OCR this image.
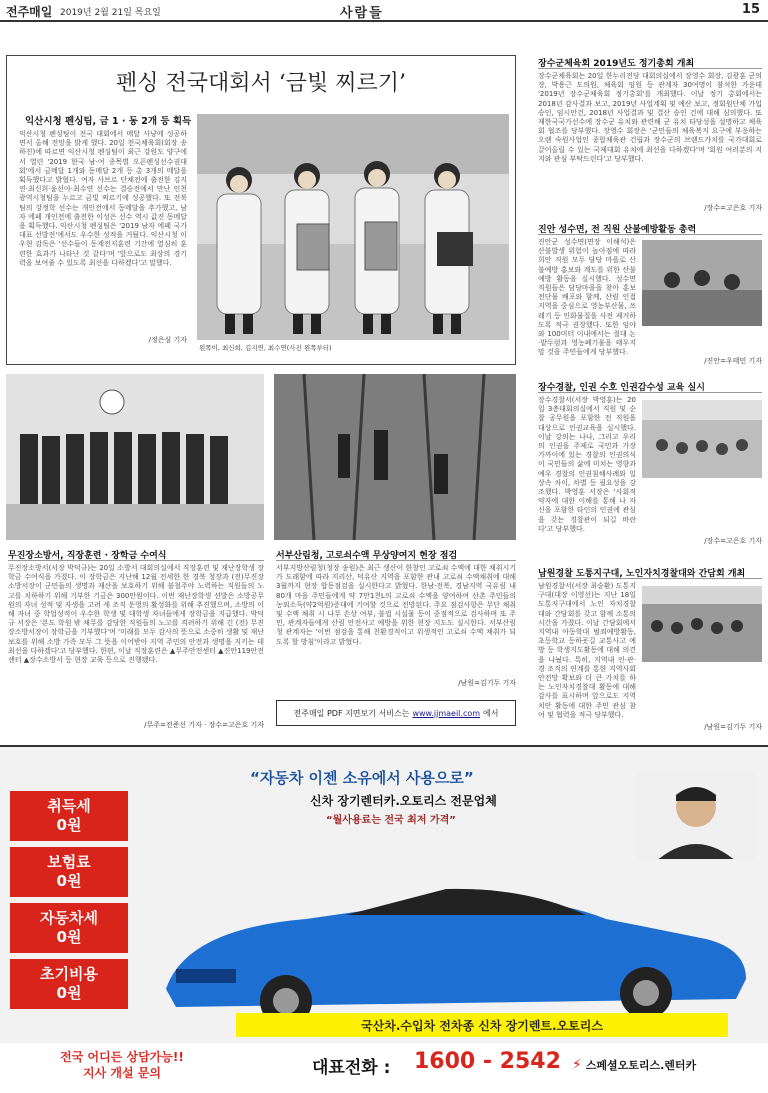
전주매일 2019년 2월 21일 목요일	사람들	15
펜싱 전국대회서 ‘금빛 찌르기’
익산시청 펜싱팀, 금 1 · 동 2개 등 획득
익산시청 펜싱팀이 전국 대회에서 메달 사냥에 성공하면서 올해 전망을 밝게 했다. 20일 전국체육회(회장 송하진)에 따르면 익산시청 펜싱팀이 최근 강원도 양구에서 열린 '2019 한국 남·여 종목별 오픈펜싱선수권대회'에서 금메달 1개와 동메달 2개 등 총 3개의 메달을 획득했다고 밝혔다. 여자 사브르 단체전에 출전한 김지연·최신희·윤선아·최수연 선수는 결승전에서 만난 인천광역시청팀을 누르고 금빛 찌르기에 성공했다. 또 전북팀의 강정학 선수는 개인전에서 동메달을 추가했고, 남자 에페 개인전에 출전한 이성은 선수 역시 값진 동메달을 획득했다. 익산시청 펜싱팀은 '2019 남자 에페 국가대표 선발전'에서도 우수한 성적을 거뒀다. 익산시청 이우현 감독은 '선수들이 동계전지훈련 기간에 열심히 훈련한 효과가 나타난 것 같다'며 '앞으로도 최상의 경기력을 보여줄 수 있도록 최선을 다하겠다'고 말했다.
/정은심 기자
왼쪽이, 최신희, 김지연, 최수연(사진 왼쪽부터)
장수군체육회 2019년도 정기총회 개최
장수군체육회는 20일 한누리전당 대회의실에서 장영수 회장, 김광훈 군의장, 박용근 도의원, 체육회 임원 등 관계자 30여명이 참석한 가운데 '2019년 장수군체육회 정기총회'를 개최했다. 이날 정기 총회에서는 2018년 감사결과 보고, 2019년 사업계획 및 예산 보고, 정회원단체 가입 승인, 임시안건, 2018년 사업결과 및 결산 승인 건에 대해 심의했다. 또 재한국국가선수에 장수군 유치와 관련해 군 유치 타당성을 설명하고 체육회 협조를 당부했다. 장영수 회장은 '군민들의 체육복지 요구에 부응하는 오랜 숙원사업인 종합체육관 건립과 장수군의 브랜드가치를 국가대회로 끌어올릴 수 있는 국제대회 유치에 최선을 다하겠다'며 '회원 여러분의 지지와 관심 부탁드린다'고 당부했다.
/장수=고은호 기자
진안 성수면, 전 직원 산불예방활동 총력
진안군 성수면(면장 이해석)은 산불발생 위험이 높아짐에 따라 희안 직원 모두 담당 마을로 산불예방 홍보와 계도를 위한 산불예방 활동을 실시했다. 성수면 직원들은 담당마을을 찾아 홍보 전단물 배포와 함께, 산림 인접지역을 중심으로 영농부산물, 쓰레기 등 인화물질을 사전 제거하도록 적극 권장했다. 또한 임야와 100미터 이내에서는 절대 논·밭두렁과 영농폐기물을 태우지 말 것을 주민들에게 당부했다.
/진안=우태민 기자
장수경찰, 인권 수호 인권감수성 교육 실시
장수경찰서(서장 박영훈)는 20일 3층대회의실에서 직원 및 순찰 공무원을 포함한 전 직원을 대상으로 인권교육을 실시했다. 이날 강의는 나나, 그리고 우리의 인권을 주제로 국민과 가장 가까이에 있는 경찰의 인권의식이 국민들의 삶에 미치는 영향과 예우 경찰의 인권침해사례와 일상속 차이, 차별 등 필요성을 강조했다. 박영훈 서장은 '사회적 약자에 대한 이해를 통해 나 자신을 포함한 타인의 인권에 관심을 갖는 경찰관이 되길 바란다'고 당부했다.
/장수=고은호 기자
남원경찰 도통지구대, 노인자치경찰대와 간담회 개최
남원경찰서(서장 최승환) 도통지구대(대장 이영선)는 지난 18일 도통지구대에서 노인 자치경찰대와 간담회를 갖고 함께 소통의 시간을 가졌다. 이날 간담회에서 지역내 아동학대 범죄예방활동, 초등학교 등하굣길 교통사고 예방 등 학생지도활동에 대해 의견을 나눴다. 특히, 지역내 인·관·경 조직의 연계를 통한 지역사회 안전망 확보와 더 큰 가치를 하는 노인자치경찰대 활동에 대해 감사를 표시하며 앞으로도 지역 치안 활동에 대한 주민 관심 참여 및 협력을 적극 당부했다.
/남원=김기두 기자
무진장소방서, 직장훈련 · 장학금 수여식
무진장소방서(서장 박덕규)는 20일 소방서 대회의실에서 직장훈련 및 재난장학생 장학금 수여식을 가졌다. 이 장학금은 지난해 12월 전세한 한 경북 청장과 (전)무진장소방서장이 군민들의 생명과 재산을 보호하기 위해 불철주야 노력하는 직원들의 노고를 치하하기 위해 기부한 기금은 300만원이다. 이번 재난장학생 선발은 소방공무원의 자녀 성적 및 자생을 고려 세 조직 운영의 활성화를 위해 추진했으며, 소방의 이해 자녀 중 학업성적이 우수한 학생 및 대학생 자녀들에게 장학금을 지급했다. 박덕규 서장은 '본도 학원 밖 채무를 감당한 직원들의 노고를 격려하기 위해 긴 (전) 무진장소방서장이 장학금을 기부했다'며 '미래를 모두 감사의 뜻으로 소중히 생활 및 재난보호를 위해 소방 가족 모두 그 뜻을 이어받아 지역 주민의 안전과 생명을 지키는 데 최선을 다하겠다'고 당부했다. 한편, 이날 직장훈련은 ▲무주안전센터 ▲진안119안전센터 ▲장수소방서 등 현장 교육 등으로 진행됐다.
/무주=전준선 기자 · 장수=고은호 기자
서부산림청, 고로쇠수액 무상양여지 현장 점검
서부지방산림청(청장 송원)은 최근 생산이 한창인 고로쇠 수액에 대한 채취시기가 도래함에 따라 지리산, 덕유산 지역을 포함한 관내 고로쇠 수액채취에 대해 3월까지 현장 합동점검을 실시한다고 밝혔다. 한남·전북, 경남지역 국유림 내 80개 마을 주민들에게 약 7만1천L의 고로쇠 수액을 양여하여 산촌 주민들의 농외소득(약2억원)증대에 기여할 것으로 전망된다. 주요 점검사항은 무단 채취 및 수액 채취 시 나무 손상 여부, 불법 시설물 등이 중점적으로 검사하며 또 주민, 관계자들에게 산림 안전사고 예방을 위한 현장 지도도 실시한다. 서부산림청 관계자는 '이번 점검을 통해 친환경적이고 위생적인 고로쇠 수액 채취가 되도록 할 방침'이라고 밝혔다.
/남원=김기두 기자
전주매일 PDF 지면보기 서비스는 www.jjmaeil.com 에서
취득세
0원
보험료
0원
자동차세
0원
초기비용
0원
“자동차 이젠 소유에서 사용으로”
신차 장기렌터카.오토리스 전문업체
“월사용료는 전국 최저 가격”
국산차.수입차 전차종 신차 장기렌트.오토리스
전국 어디든 상담가능!!
지사 개설 문의	대표전화 : 1600 - 2542 ⚡ 스페셜오토리스.렌터카
